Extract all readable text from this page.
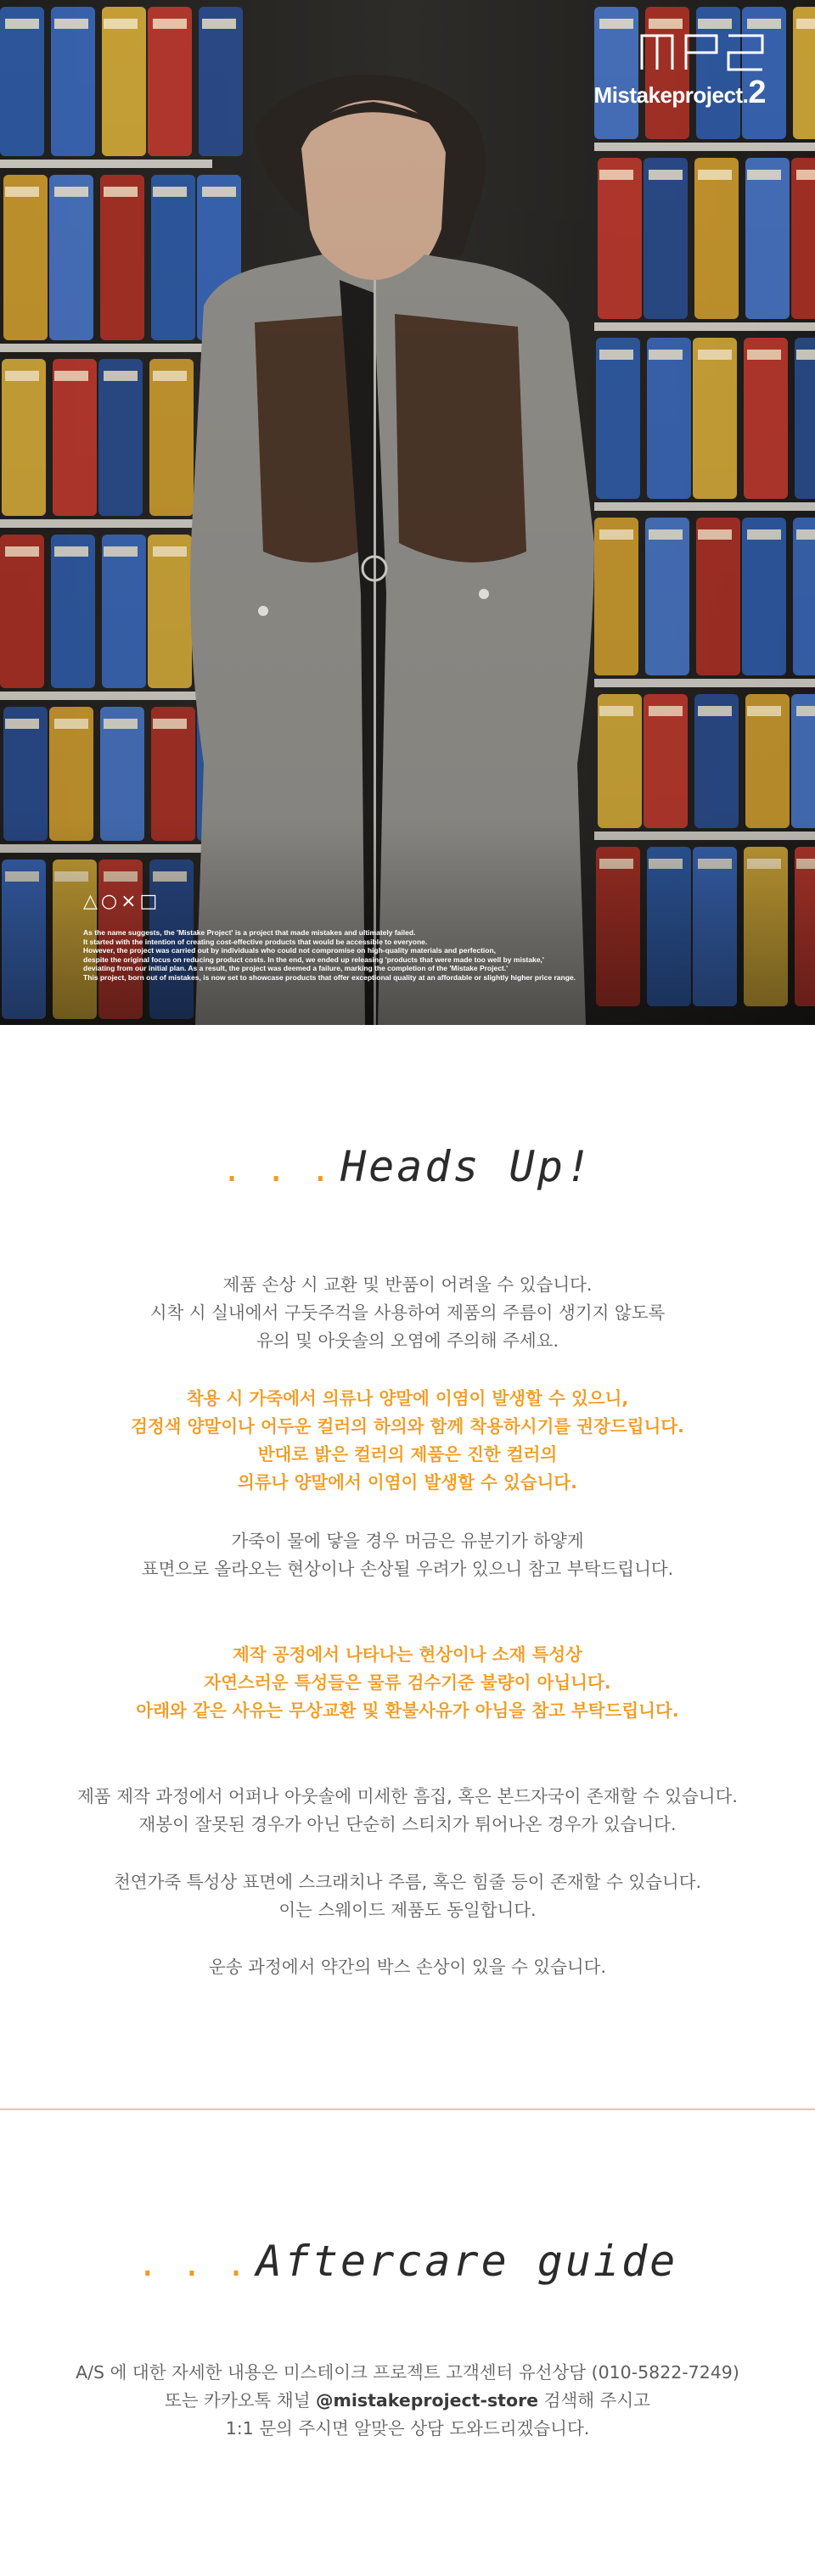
Mistakeproject.2
△○×□

As the name suggests, the 'Mistake Project' is a project that made mistakes and ultimately failed.

It started with the intention of creating cost-effective products that would be accessible to everyone.

However, the project was carried out by individuals who could not compromise on high-quality materials and perfection,

despite the original focus on reducing product costs. In the end, we ended up releasing 'products that were made too well by mistake,'

deviating from our initial plan. As a result, the project was deemed a failure, marking the completion of the 'Mistake Project.'

This project, born out of mistakes, is now set to showcase products that offer exceptional quality at an affordable or slightly higher price range.

. . . Heads Up!

제품 손상 시 교환 및 반품이 어려울 수 있습니다.

시착 시 실내에서 구둣주걱을 사용하여 제품의 주름이 생기지 않도록

유의 및 아웃솔의 오염에 주의해 주세요.

착용 시 가죽에서 의류나 양말에 이염이 발생할 수 있으니,

검정색 양말이나 어두운 컬러의 하의와 함께 착용하시기를 권장드립니다.

반대로 밝은 컬러의 제품은 진한 컬러의

의류나 양말에서 이염이 발생할 수 있습니다.

가죽이 물에 닿을 경우 머금은 유분기가 하얗게

표면으로 올라오는 현상이나 손상될 우려가 있으니 참고 부탁드립니다.

제작 공정에서 나타나는 현상이나 소재 특성상

자연스러운 특성들은 물류 검수기준 불량이 아닙니다.

아래와 같은 사유는 무상교환 및 환불사유가 아님을 참고 부탁드립니다.

제품 제작 과정에서 어퍼나 아웃솔에 미세한 흠집, 혹은 본드자국이 존재할 수 있습니다.

재봉이 잘못된 경우가 아닌 단순히 스티치가 튀어나온 경우가 있습니다.

천연가죽 특성상 표면에 스크래치나 주름, 혹은 힘줄 등이 존재할 수 있습니다.

이는 스웨이드 제품도 동일합니다.

운송 과정에서 약간의 박스 손상이 있을 수 있습니다.

. . . Aftercare guide

A/S 에 대한 자세한 내용은 미스테이크 프로젝트 고객센터 유선상담 (010-5822-7249)

또는 카카오톡 채널 @mistakeproject-store 검색해 주시고

1:1 문의 주시면 알맞은 상담 도와드리겠습니다.
